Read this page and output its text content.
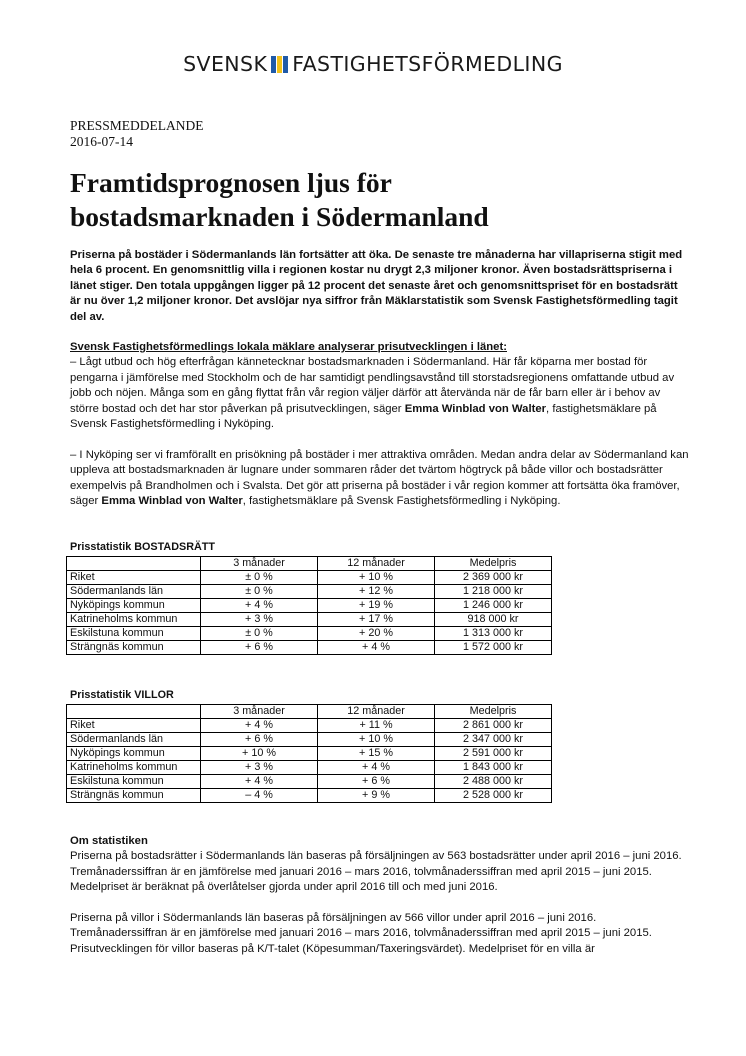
SVENSK FASTIGHETSFÖRMEDLING
PRESSMEDDELANDE
2016-07-14
Framtidsprognosen ljus för
bostadsmarknaden i Södermanland

Priserna på bostäder i Södermanlands län fortsätter att öka. De senaste tre månaderna har villapriserna stigit med hela 6 procent. En genomsnittlig villa i regionen kostar nu drygt 2,3 miljoner kronor. Även bostadsrättspriserna i länet stiger. Den totala uppgången ligger på 12 procent det senaste året och genomsnittspriset för en bostadsrätt är nu över 1,2 miljoner kronor. Det avslöjar nya siffror från Mäklarstatistik som Svensk Fastighetsförmedling tagit del av.

Svensk Fastighetsförmedlings lokala mäklare analyserar prisutvecklingen i länet:
– Lågt utbud och hög efterfrågan kännetecknar bostadsmarknaden i Södermanland. Här får köparna mer bostad för pengarna i jämförelse med Stockholm och de har samtidigt pendlingsavstånd till storstadsregionens omfattande utbud av jobb och nöjen. Många som en gång flyttat från vår region väljer därför att återvända när de får barn eller är i behov av större bostad och det har stor påverkan på prisutvecklingen, säger Emma Winblad von Walter, fastighetsmäklare på Svensk Fastighetsförmedling i Nyköping.
– I Nyköping ser vi framförallt en prisökning på bostäder i mer attraktiva områden. Medan andra delar av Södermanland kan uppleva att bostadsmarknaden är lugnare under sommaren råder det tvärtom högtryck på både villor och bostadsrätter exempelvis på Brandholmen och i Svalsta. Det gör att priserna på bostäder i vår region kommer att fortsätta öka framöver, säger Emma Winblad von Walter, fastighetsmäklare på Svensk Fastighetsförmedling i Nyköping.
Prisstatistik BOSTADSRÄTT
	3 månader	12 månader	Medelpris
Riket	± 0 %	+ 10 %	2 369 000 kr
Södermanlands län	± 0 %	+ 12 %	1 218 000 kr
Nyköpings kommun	+ 4 %	+ 19 %	1 246 000 kr
Katrineholms kommun	+ 3 %	+ 17 %	918 000 kr
Eskilstuna kommun	± 0 %	+ 20 %	1 313 000 kr
Strängnäs kommun	+ 6 %	+ 4 %	1 572 000 kr
Prisstatistik VILLOR
	3 månader	12 månader	Medelpris
Riket	+ 4 %	+ 11 %	2 861 000 kr
Södermanlands län	+ 6 %	+ 10 %	2 347 000 kr
Nyköpings kommun	+ 10 %	+ 15 %	2 591 000 kr
Katrineholms kommun	+ 3 %	+ 4 %	1 843 000 kr
Eskilstuna kommun	+ 4 %	+ 6 %	2 488 000 kr
Strängnäs kommun	– 4 %	+ 9 %	2 528 000 kr
Om statistiken
Priserna på bostadsrätter i Södermanlands län baseras på försäljningen av 563 bostadsrätter under april 2016 – juni 2016. Tremånaderssiffran är en jämförelse med januari 2016 – mars 2016, tolvmånaderssiffran med april 2015 – juni 2015. Medelpriset är beräknat på överlåtelser gjorda under april 2016 till och med juni 2016.
Priserna på villor i Södermanlands län baseras på försäljningen av 566 villor under april 2016 – juni 2016. Tremånaderssiffran är en jämförelse med januari 2016 – mars 2016, tolvmånaderssiffran med april 2015 – juni 2015. Prisutvecklingen för villor baseras på K/T-talet (Köpesumman/Taxeringsvärdet). Medelpriset för en villa är
